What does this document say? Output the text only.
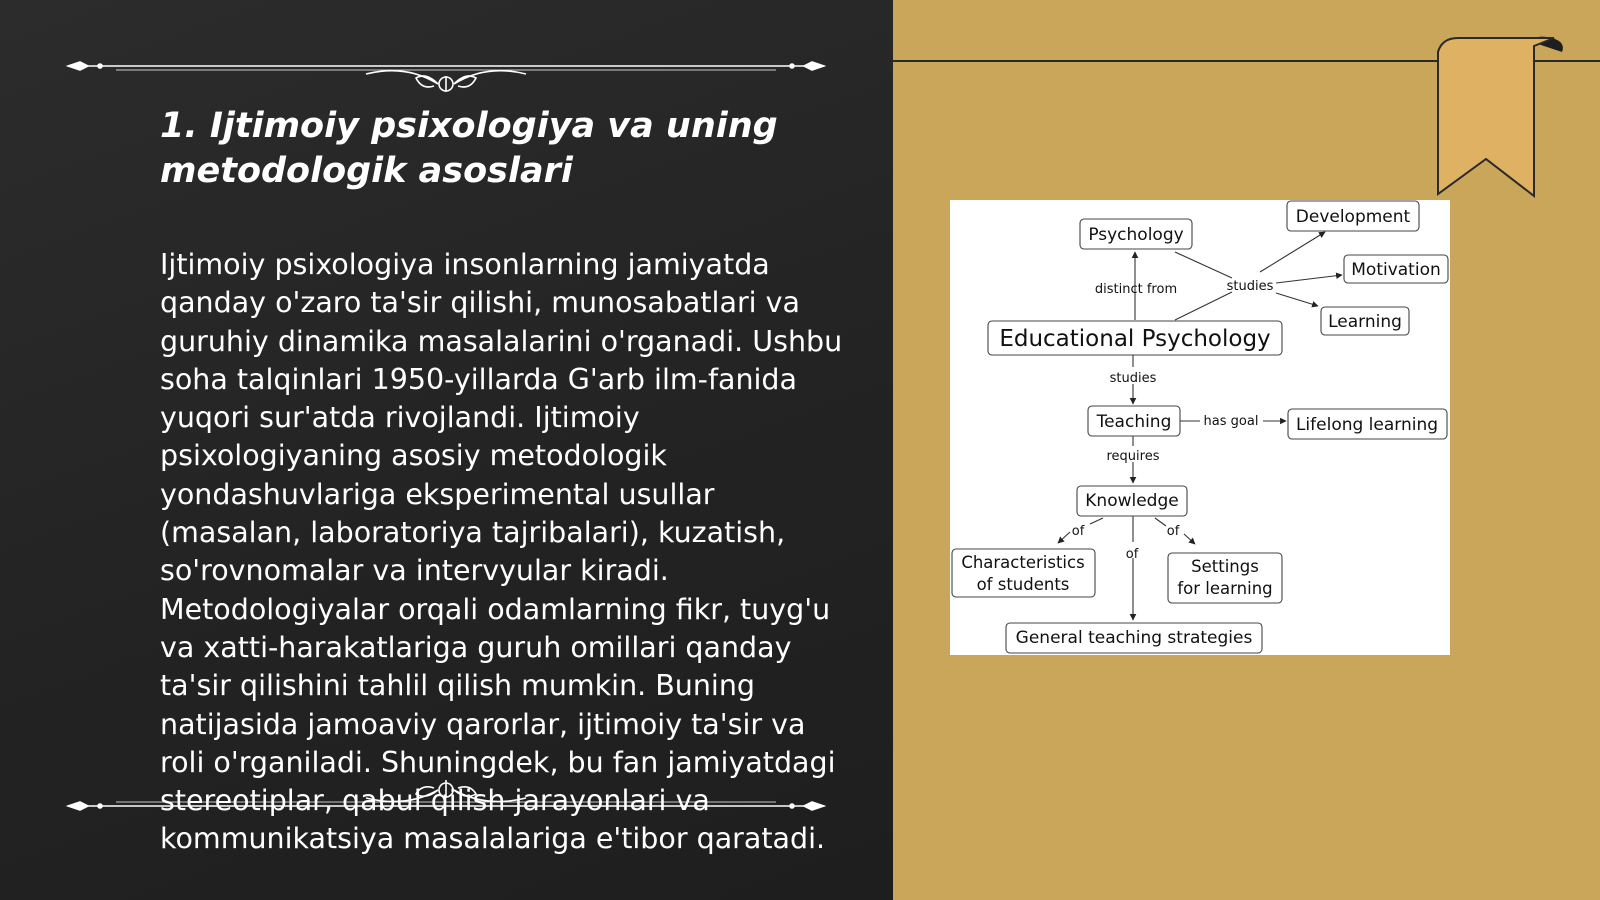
1. Ijtimoiy psixologiya va uning metodologik asoslari

Ijtimoiy psixologiya insonlarning jamiyatda qanday o'zaro ta'sir qilishi, munosabatlari va guruhiy dinamika masalalarini o'rganadi. Ushbu soha talqinlari 1950-yillarda G'arb ilm-fanida yuqori sur'atda rivojlandi. Ijtimoiy psixologiyaning asosiy metodologik yondashuvlariga eksperimental usullar (masalan, laboratoriya tajribalari), kuzatish, so'rovnomalar va intervyular kiradi. Metodologiyalar orqali odamlarning fikr, tuyg'u va xatti-harakatlariga guruh omillari qanday ta'sir qilishini tahlil qilish mumkin. Buning natijasida jamoaviy qarorlar, ijtimoiy ta'sir va roli o'rganiladi. Shuningdek, bu fan jamiyatdagi stereotiplar, qabul qilish jarayonlari va kommunikatsiya masalalariga e'tibor qaratadi.

Psychology
Development
Motivation
Learning
Educational Psychology
Teaching	Lifelong learning
Knowledge
Characteristics
of students
Settings
for learning
General teaching strategies
distinct from	studies
studies
has goal
requires
of
of
of
